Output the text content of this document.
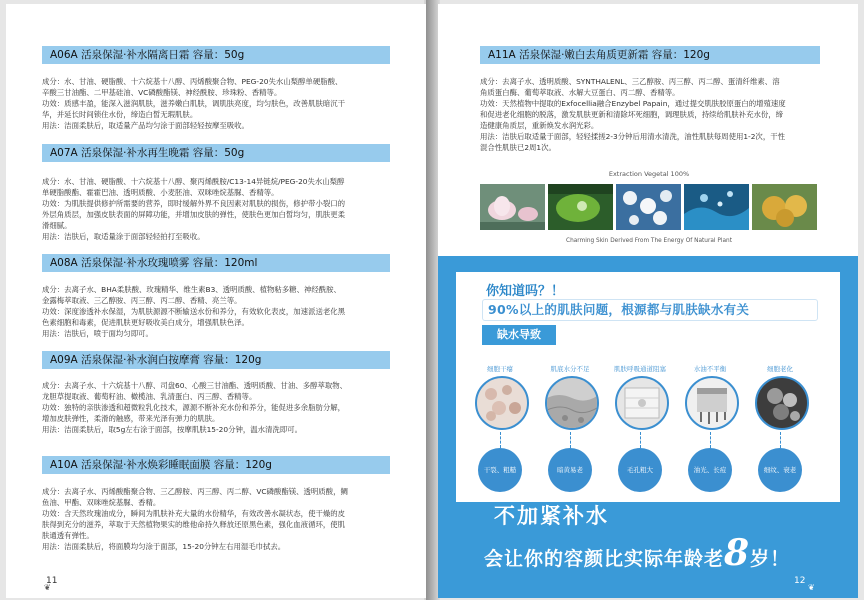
A06A 活泉保湿·补水隔离日霜 容量：50g

成分：水、甘油、硬脂酸、十六烷基十八醇、丙烯酸聚合物、PEG-20失水山梨醇单硬脂酸、

辛酸三甘油酯、二甲基硅油、VC磷酸酯镁、神经酰胺、珍珠粉、香精等。

功效：质感丰盈，能深入滋润肌肤，滋养嫩白肌肤，调肌肤亮度，均匀肤色，改善肌肤暗沉干

华，并延长时间锁住水份，缔造白皙无瑕肌肤。

用法：洁面柔肤后，取适量产品均匀涂于面部轻轻按摩至吸收。

A07A 活泉保湿·补水再生晚霜 容量：50g

成分：水、甘油、硬脂酸、十六烷基十八醇、聚丙烯酰胺/C13-14异链烷/PEG-20失水山梨醇

单硬脂酸酯、霍霍巴油、透明质酸、小麦胚油、双咪唑烷基脲、香精等。

功效：为肌肤提供修护所需要的营养，即时缓解外界不良因素对肌肤的损伤，修护带小裂口的

外层角质层，加强皮肤表面的屏障功能，并增加皮肤的弹性，使肤色更加白皙均匀，肌肤更柔

滑细腻。

用法：洁肤后，取适量涂于面部轻轻拍打至吸收。

A08A 活泉保湿·补水玫瑰喷雾 容量：120ml

成分：去离子水、BHA柔肤酸、玫瑰精华、维生素B3、透明质酸、植物粘多糖、神经酰胺、

金露梅萃取液、三乙醇胺、丙三醇、丙二醇、香精、亮兰等。

功效：深度渗透补水保湿，为肌肤源源不断输送水份和养分，有效软化表皮，加速派送老化黑

色素细胞和毒素，促进肌肤更好吸收美白成分，增强肌肤色泽。

用法：洁肤后，喷于面均匀即可。

A09A 活泉保湿·补水润白按摩膏 容量：120g

成分：去离子水、十六烷基十八醇、司盘60、心酸三甘油酯、透明质酸、甘油、多醇萃取物、

龙胆草提取液、葡萄籽油、橄榄油、乳清蛋白、丙三醇、香精等。

功效：独特的亲肤渗透和超微粒乳化技术，源源不断补充水份和养分，能促进多余脂肪分解，

增加皮肤弹性，柔滑的触感，带来光泽有弹力的肌肤。

用法：洁面柔肤后，取5g左右涂于面部，按摩肌肤15-20分钟，温水清洗即可。

A10A 活泉保湿·补水焕彩睡眠面膜 容量：120g

成分：去离子水、丙烯酸酯聚合物、三乙醇胺、丙三醇、丙二醇、VC磷酸酯镁、透明质酸，鲷

鱼油、甲酯、双咪唑烷基脲、香精。

功效：含天然玫瑰油成分，瞬间为肌肤补充大量的水份精华，有效改善水凝状态，使干燥的皮

肤得到充分的滋养，萃取于天然植物果实的维他命持久释放还原黑色素，强化血液循环，使肌

肤通透有弹性。

用法：洁面柔肤后，将面膜均匀涂于面部，15-20分钟左右用湿毛巾拭去。

11
❦
A11A 活泉保湿·嫩白去角质更新霜 容量：120g

成分：去离子水、透明质酸、SYNTHALENL、三乙醇胺、丙三醇、丙二醇、蛋清纤维素、溶

角质蛋白酶、葡萄萃取液、水解大豆蛋白、丙二醇、香精等。

功效：天然植物中提取的Exfocellia融合Enzybel Papain，通过提交肌肤胶原蛋白的增殖速度

和促进老化细胞的脱落，激发肌肤更新和清除坏死细胞，调理肤质，持续给肌肤补充水份，缔

造健康角质层，重新焕发水润光彩。

用法：洁肤后取适量于面部，轻轻揉搓2-3分钟后用清水清洗，油性肌肤每周使用1-2次，干性

混合性肌肤已2周1次。

Extraction Vegetal 100%
Charming Skin Derived From The Energy Of Natural Plant
你知道吗？！
90%以上的肌肤问题，根源都与肌肤缺水有关
缺水导致
细胞干瘪	肌底水分不足	肌肤呼吸通道阻塞	水油不平衡	细胞老化
干裂、粗糙	暗黄易老	毛孔粗大	油光、长痘	细纹、衰老
不加紧补水
会让你的容颜比实际年龄老8岁！
12
❦
